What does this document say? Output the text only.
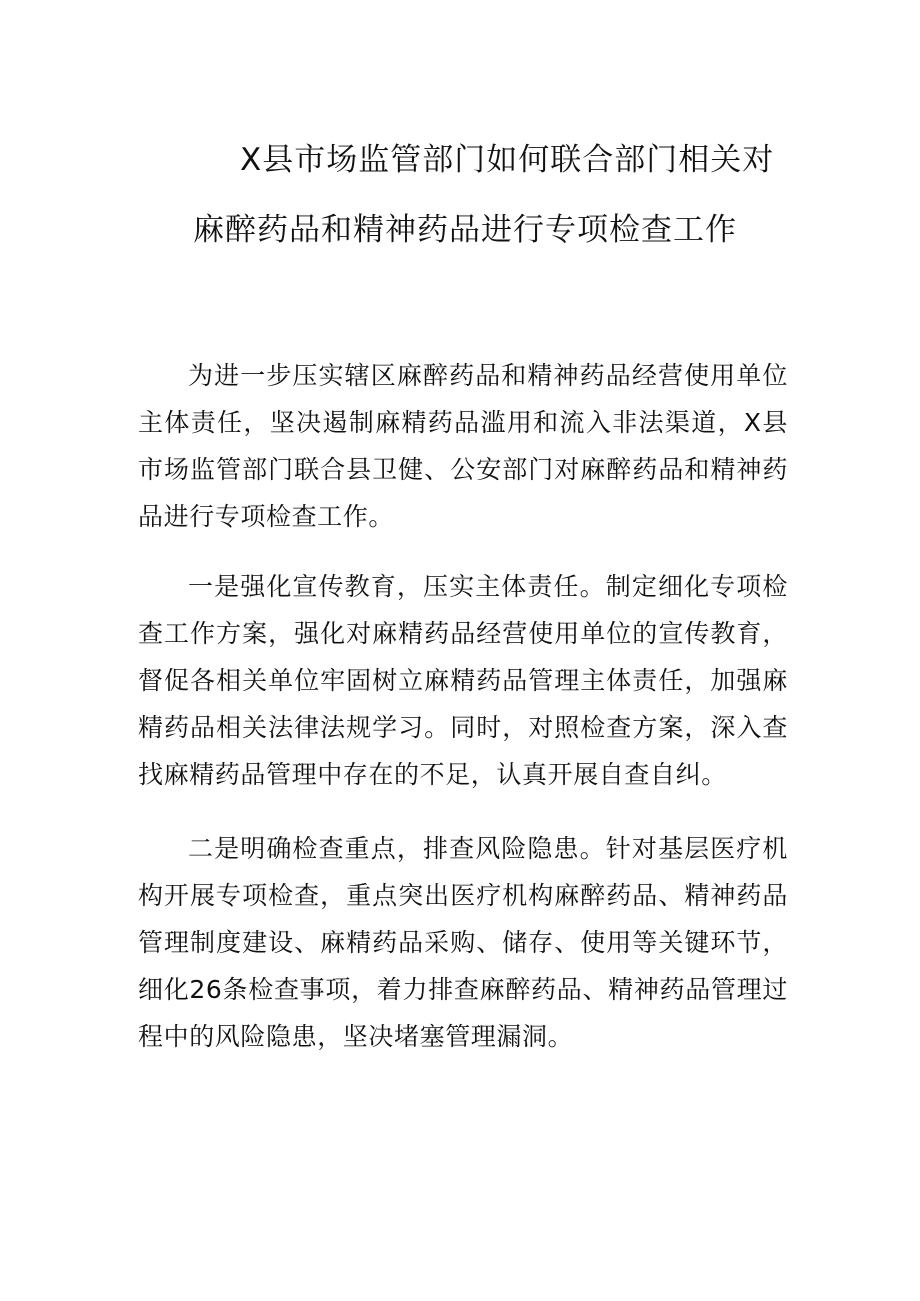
X县市场监管部门如何联合部门相关对
麻醉药品和精神药品进行专项检查工作

为进一步压实辖区麻醉药品和精神药品经营使用单位主体责任，坚决遏制麻精药品滥用和流入非法渠道，X县市场监管部门联合县卫健、公安部门对麻醉药品和精神药品进行专项检查工作。

一是强化宣传教育，压实主体责任。制定细化专项检查工作方案，强化对麻精药品经营使用单位的宣传教育，督促各相关单位牢固树立麻精药品管理主体责任，加强麻精药品相关法律法规学习。同时，对照检查方案，深入查找麻精药品管理中存在的不足，认真开展自查自纠。

二是明确检查重点，排查风险隐患。针对基层医疗机构开展专项检查，重点突出医疗机构麻醉药品、精神药品管理制度建设、麻精药品采购、储存、使用等关键环节，细化26条检查事项，着力排查麻醉药品、精神药品管理过程中的风险隐患，坚决堵塞管理漏洞。
